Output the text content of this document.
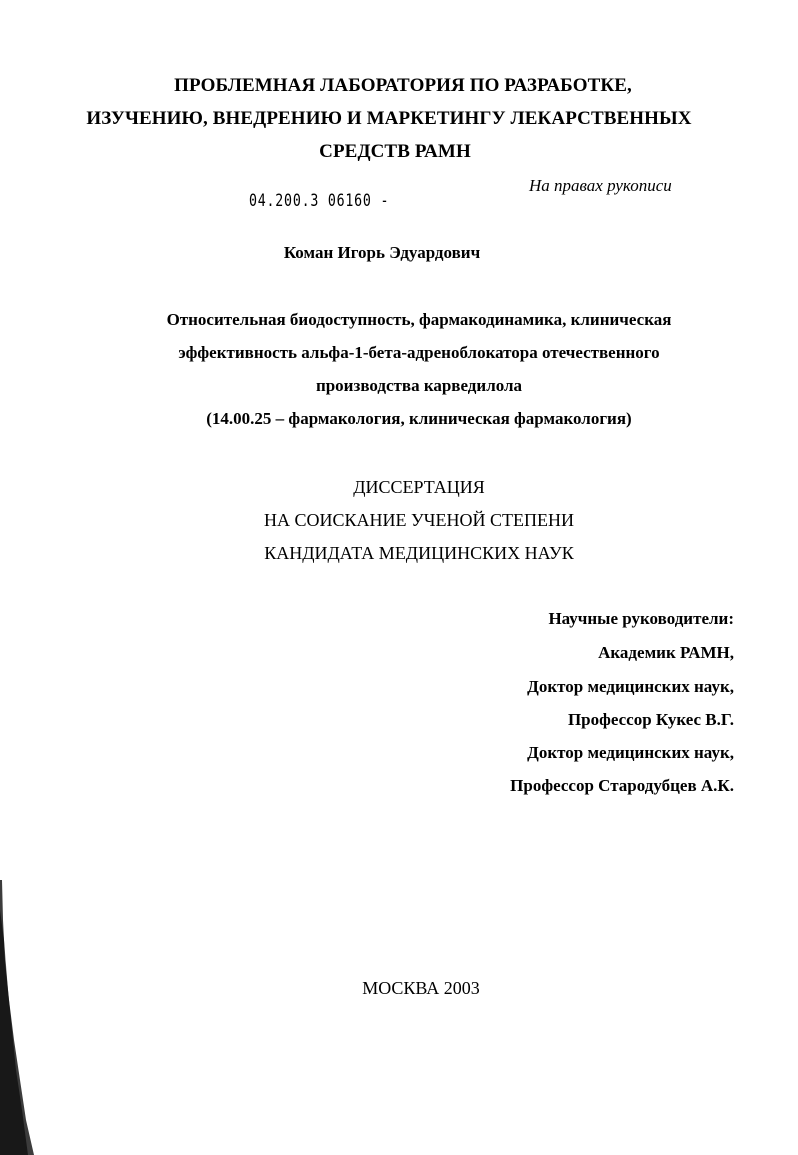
ПРОБЛЕМНАЯ ЛАБОРАТОРИЯ ПО РАЗРАБОТКЕ,
ИЗУЧЕНИЮ, ВНЕДРЕНИЮ И МАРКЕТИНГУ ЛЕКАРСТВЕННЫХ
СРЕДСТВ РАМН
На правах рукописи
04.200.3 06160 -
Коман Игорь Эдуардович
Относительная биодоступность, фармакодинамика, клиническая
эффективность альфа-1-бета-адреноблокатора отечественного
производства карведилола
(14.00.25 – фармакология, клиническая фармакология)
ДИССЕРТАЦИЯ
НА СОИСКАНИЕ УЧЕНОЙ СТЕПЕНИ
КАНДИДАТА МЕДИЦИНСКИХ НАУК
Научные руководители:
Академик РАМН,
Доктор медицинских наук,
Профессор Кукес В.Г.
Доктор медицинских наук,
Профессор Стародубцев А.К.
МОСКВА 2003
